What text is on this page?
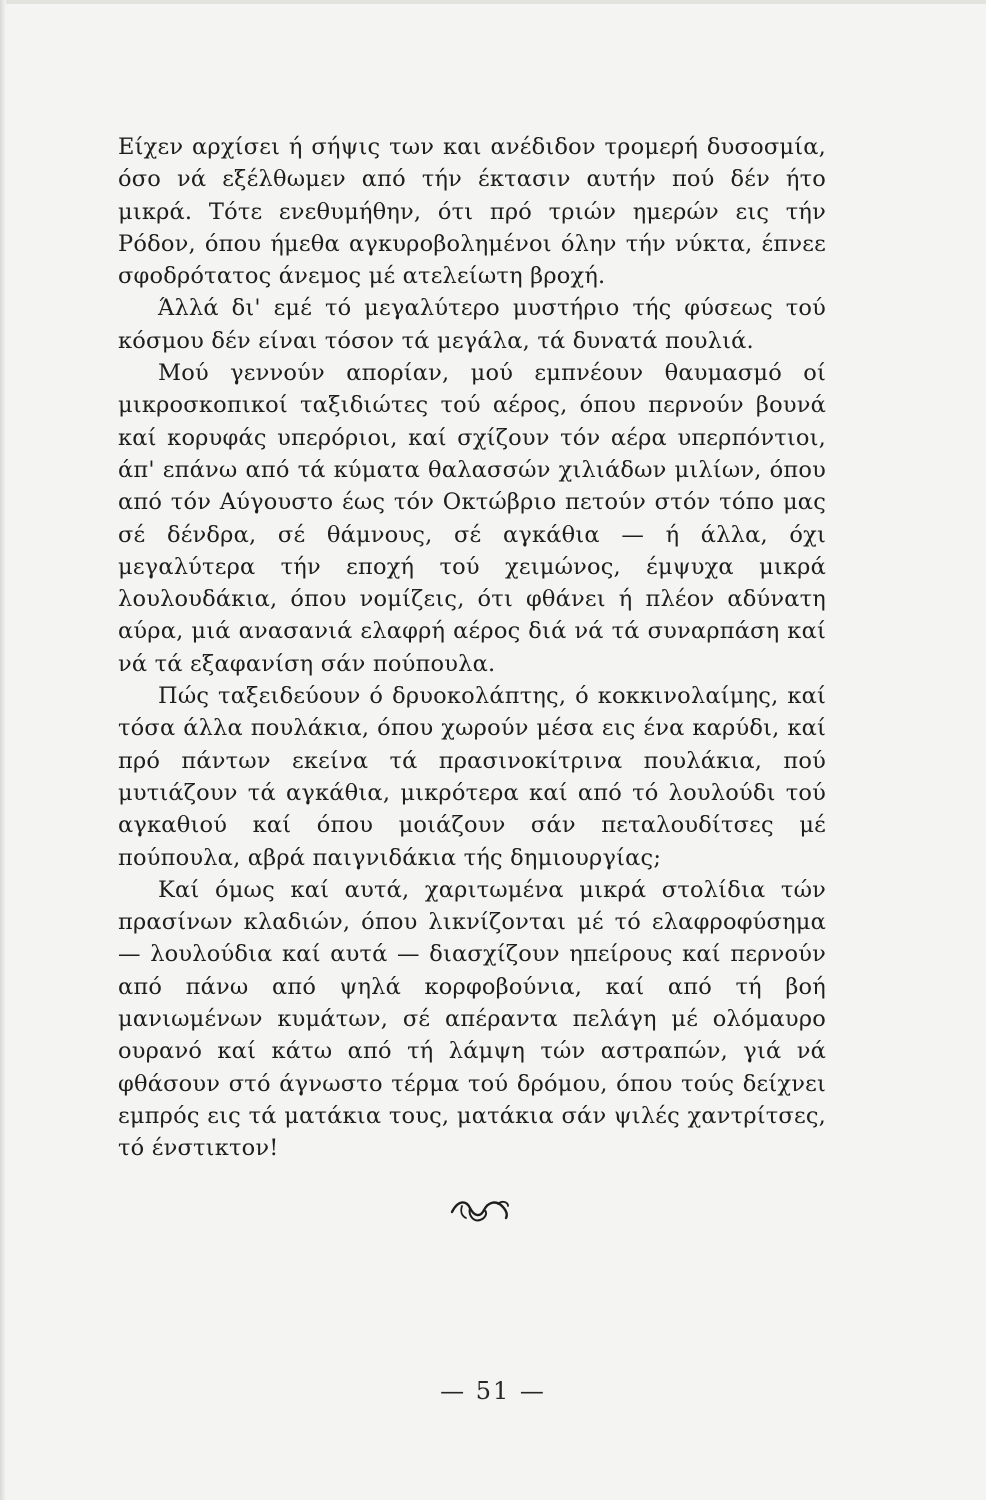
Είχεν αρχίσει ή σήψις των και ανέδιδον τρομερή δυσοσμία, όσο νά εξέλθωμεν από τήν έκτασιν αυτήν πού δέν ήτο μικρά. Τότε ενεθυμήθην, ότι πρό τριών ημερών εις τήν Ρόδον, όπου ήμεθα αγκυροβολημένοι όλην τήν νύκτα, έπνεε σφοδρότατος άνεμος μέ ατελείωτη βροχή.

Άλλά δι' εμέ τό μεγαλύτερο μυστήριο τής φύσεως τού κόσμου δέν είναι τόσον τά μεγάλα, τά δυνατά πουλιά.

Μού γεννούν απορίαν, μού εμπνέουν θαυμασμό οί μικροσκοπικοί ταξιδιώτες τού αέρος, όπου περνούν βουνά καί κορυφάς υπερόριοι, καί σχίζουν τόν αέρα υπερπόντιοι, άπ' επάνω από τά κύματα θαλασσών χιλιάδων μιλίων, όπου από τόν Αύγουστο έως τόν Οκτώβριο πετούν στόν τόπο μας σέ δένδρα, σέ θάμνους, σέ αγκάθια — ή άλλα, όχι μεγαλύτερα τήν εποχή τού χειμώνος, έμψυχα μικρά λουλουδάκια, όπου νομίζεις, ότι φθάνει ή πλέον αδύνατη αύρα, μιά ανασανιά ελαφρή αέρος διά νά τά συναρπάση καί νά τά εξαφανίση σάν πούπουλα.

Πώς ταξειδεύουν ό δρυοκολάπτης, ό κοκκινολαίμης, καί τόσα άλλα πουλάκια, όπου χωρούν μέσα εις ένα καρύδι, καί πρό πάντων εκείνα τά πρασινοκίτρινα πουλάκια, πού μυτιάζουν τά αγκάθια, μικρότερα καί από τό λουλούδι τού αγκαθιού καί όπου μοιάζουν σάν πεταλουδίτσες μέ πούπουλα, αβρά παιγνιδάκια τής δημιουργίας;

Καί όμως καί αυτά, χαριτωμένα μικρά στολίδια τών πρασίνων κλαδιών, όπου λικνίζονται μέ τό ελαφροφύσημα — λουλούδια καί αυτά — διασχίζουν ηπείρους καί περνούν από πάνω από ψηλά κορφοβούνια, καί από τή βοή μανιωμένων κυμάτων, σέ απέραντα πελάγη μέ ολόμαυρο ουρανό καί κάτω από τή λάμψη τών αστραπών, γιά νά φθάσουν στό άγνωστο τέρμα τού δρόμου, όπου τούς δείχνει εμπρός εις τά ματάκια τους, ματάκια σάν ψιλές χαντρίτσες, τό ένστικτον!

— 51 —
